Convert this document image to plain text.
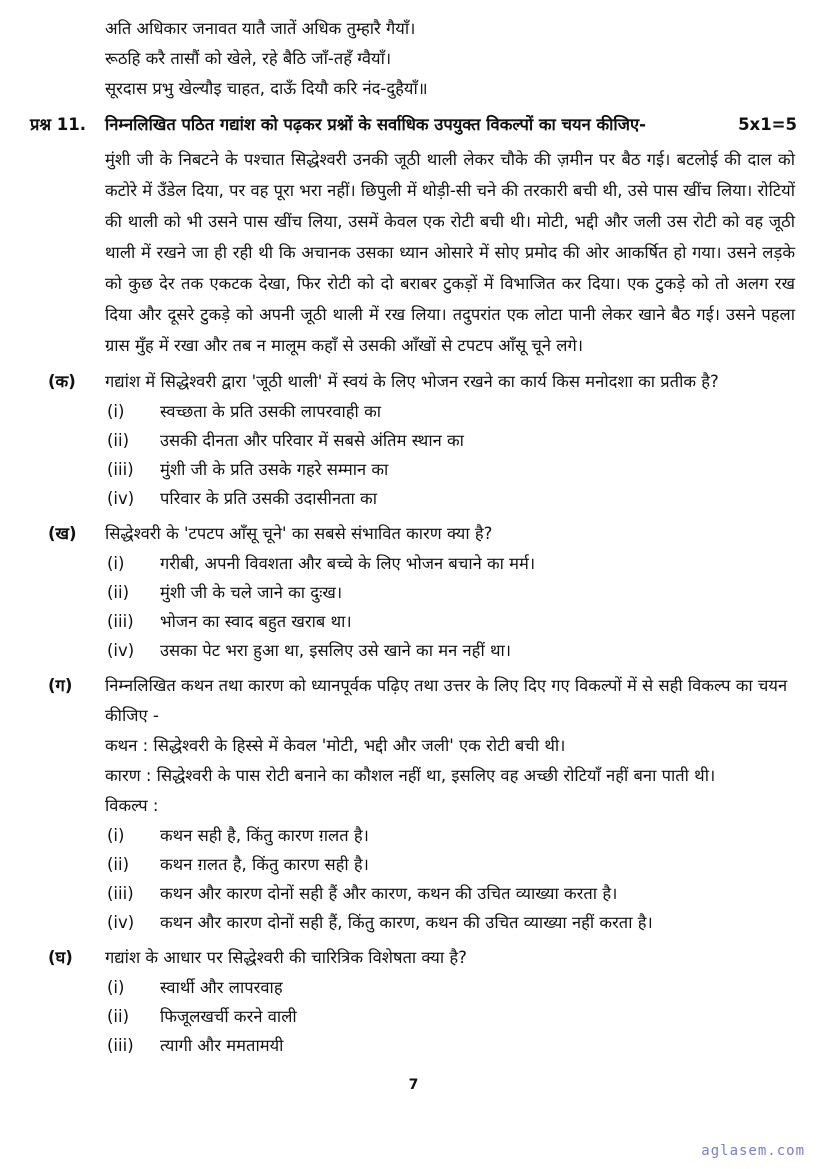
अति अधिकार जनावत यातै जातें अधिक तुम्हारै गैयाँ।
रूठहि करै तासौं को खेले, रहे बैठि जाँ-तहँ ग्वैयाँ।
सूरदास प्रभु खेल्यौइ चाहत, दाऊँ दियौ करि नंद-दुहैयाँ॥
प्रश्न 11.	निम्नलिखित पठित गद्यांश को पढ़कर प्रश्नों के सर्वाधिक उपयुक्त विकल्पों का चयन कीजिए-	5x1=5
मुंशी जी के निबटने के पश्चात सिद्धेश्वरी उनकी जूठी थाली लेकर चौके की ज़मीन पर बैठ गई। बटलोई की दाल को कटोरे में उँडेल दिया, पर वह पूरा भरा नहीं। छिपुली में थोड़ी-सी चने की तरकारी बची थी, उसे पास खींच लिया। रोटियों की थाली को भी उसने पास खींच लिया, उसमें केवल एक रोटी बची थी। मोटी, भद्दी और जली उस रोटी को वह जूठी थाली में रखने जा ही रही थी कि अचानक उसका ध्यान ओसारे में सोए प्रमोद की ओर आकर्षित हो गया। उसने लड़के को कुछ देर तक एकटक देखा, फिर रोटी को दो बराबर टुकड़ों में विभाजित कर दिया। एक टुकड़े को तो अलग रख दिया और दूसरे टुकड़े को अपनी जूठी थाली में रख लिया। तदुपरांत एक लोटा पानी लेकर खाने बैठ गई। उसने पहला ग्रास मुँह में रखा और तब न मालूम कहाँ से उसकी आँखों से टपटप आँसू चूने लगे।
(क)	गद्यांश में सिद्धेश्वरी द्वारा 'जूठी थाली' में स्वयं के लिए भोजन रखने का कार्य किस मनोदशा का प्रतीक है?
(i)	स्वच्छता के प्रति उसकी लापरवाही का
(ii)	उसकी दीनता और परिवार में सबसे अंतिम स्थान का
(iii)	मुंशी जी के प्रति उसके गहरे सम्मान का
(iv)	परिवार के प्रति उसकी उदासीनता का
(ख)	सिद्धेश्वरी के 'टपटप आँसू चूने' का सबसे संभावित कारण क्या है?
(i)	गरीबी, अपनी विवशता और बच्चे के लिए भोजन बचाने का मर्म।
(ii)	मुंशी जी के चले जाने का दुःख।
(iii)	भोजन का स्वाद बहुत खराब था।
(iv)	उसका पेट भरा हुआ था, इसलिए उसे खाने का मन नहीं था।
(ग)	निम्नलिखित कथन तथा कारण को ध्यानपूर्वक पढ़िए तथा उत्तर के लिए दिए गए विकल्पों में से सही विकल्प का चयन कीजिए -
कथन : सिद्धेश्वरी के हिस्से में केवल 'मोटी, भद्दी और जली' एक रोटी बची थी।
कारण : सिद्धेश्वरी के पास रोटी बनाने का कौशल नहीं था, इसलिए वह अच्छी रोटियाँ नहीं बना पाती थी।
विकल्प :
(i)	कथन सही है, किंतु कारण ग़लत है।
(ii)	कथन ग़लत है, किंतु कारण सही है।
(iii)	कथन और कारण दोनों सही हैं और कारण, कथन की उचित व्याख्या करता है।
(iv)	कथन और कारण दोनों सही हैं, किंतु कारण, कथन की उचित व्याख्या नहीं करता है।
(घ)	गद्यांश के आधार पर सिद्धेश्वरी की चारित्रिक विशेषता क्या है?
(i)	स्वार्थी और लापरवाह
(ii)	फिजूलखर्ची करने वाली
(iii)	त्यागी और ममतामयी
7
aglasem.com
